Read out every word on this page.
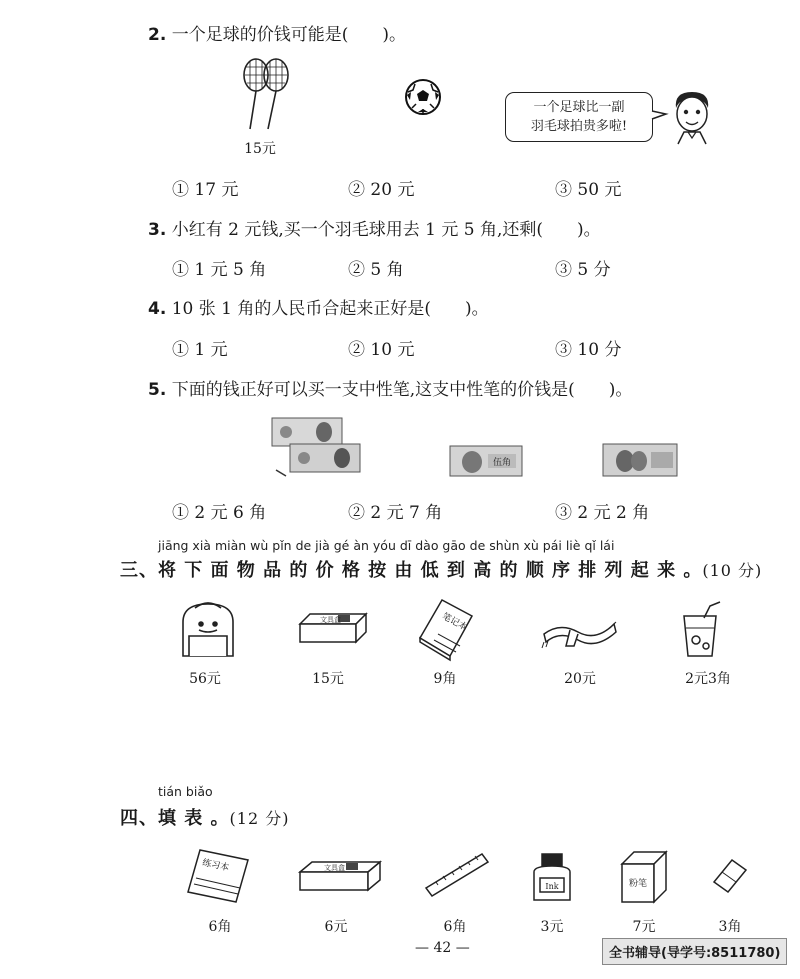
2. 一个足球的价钱可能是(　　)。
15元
一个足球比一副
羽毛球拍贵多啦!
① 17 元	② 20 元	③ 50 元
3. 小红有 2 元钱,买一个羽毛球用去 1 元 5 角,还剩(　　)。
① 1 元 5 角	② 5 角	③ 5 分
4. 10 张 1 角的人民币合起来正好是(　　)。
① 1 元	② 10 元	③ 10 分
5. 下面的钱正好可以买一支中性笔,这支中性笔的价钱是(　　)。
伍角
① 2 元 6 角	② 2 元 7 角	③ 2 元 2 角
jiāng xià miàn wù pǐn de jià gé àn yóu dī dào gāo de shùn xù pái liè qǐ lái
三、将 下 面 物 品 的 价 格 按 由 低 到 高 的 顺 序 排 列 起 来 。(10 分)
56元
文具盒
15元
笔记本
9角	20元	2元3角
tián biǎo
四、填 表 。(12 分)
练习本
6角
文具盒
6元	6角
Ink
3元
粉笔
7元	3角
— 42 —	全书辅导(导学号:8511780)
